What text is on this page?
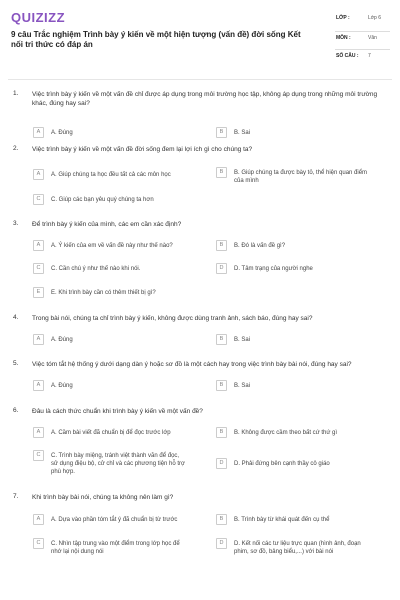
QUIZIZZ
9 câu Trắc nghiệm Trình bày ý kiến về một hiện tượng (vấn đề) đời sống Kết nối tri thức có đáp án
LỚP :	Lớp 6
MÔN :	Văn
SỐ CÂU : 7
1. Việc trình bày ý kiến về một vấn đề chỉ được áp dụng trong môi trường học tập, không áp dụng trong những môi trường khác, đúng hay sai?
A	A. Đúng	B	B. Sai
2. Việc trình bày ý kiến về một vấn đề đời sống đem lại lợi ích gì cho chúng ta?
A	A. Giúp chúng ta học đều tất cả các môn học	B	B. Giúp chúng ta được bày tỏ, thể hiện quan điểm của mình
C	C. Giúp các bạn yêu quý chúng ta hơn
3. Để trình bày ý kiến của mình, các em cần xác định?
A	A. Ý kiến của em về vấn đề này như thế nào?	B	B. Đó là vấn đề gì?
C	C. Cần chú ý như thế nào khi nói.	D	D. Tâm trạng của người nghe
E	E. Khi trình bày cần có thêm thiết bị gì?
4. Trong bài nói, chúng ta chỉ trình bày ý kiến, không được dùng tranh ảnh, sách báo, đúng hay sai?
A	A. Đúng	B	B. Sai
5. Việc tóm tắt hệ thống ý dưới dạng dàn ý hoặc sơ đồ là một cách hay trong việc trình bày bài nói, đúng hay sai?
A	A. Đúng	B	B. Sai
6. Đâu là cách thức chuẩn khi trình bày ý kiến về một vấn đề?
A	A. Cầm bài viết đã chuẩn bị để đọc trước lớp	B	B. Không được cầm theo bất cứ thứ gì
C	C. Trình bày miệng, tránh việt thành văn để đọc, sử dụng điệu bộ, cử chỉ và các phương tiện hỗ trợ phù hợp.
D	D. Phải đứng bên cạnh thầy cô giáo
7. Khi trình bày bài nói, chúng ta không nên làm gì?
A	A. Dựa vào phần tóm tắt ý đã chuẩn bị từ trước	B	B. Trình bày từ khái quát đến cụ thể
C	C. Nhìn tập trung vào một điểm trong lớp học để nhớ lại nội dung nói
D	D. Kết nối các tư liệu trực quan (hình ảnh, đoạn phim, sơ đồ, bảng biểu,...) với bài nói
